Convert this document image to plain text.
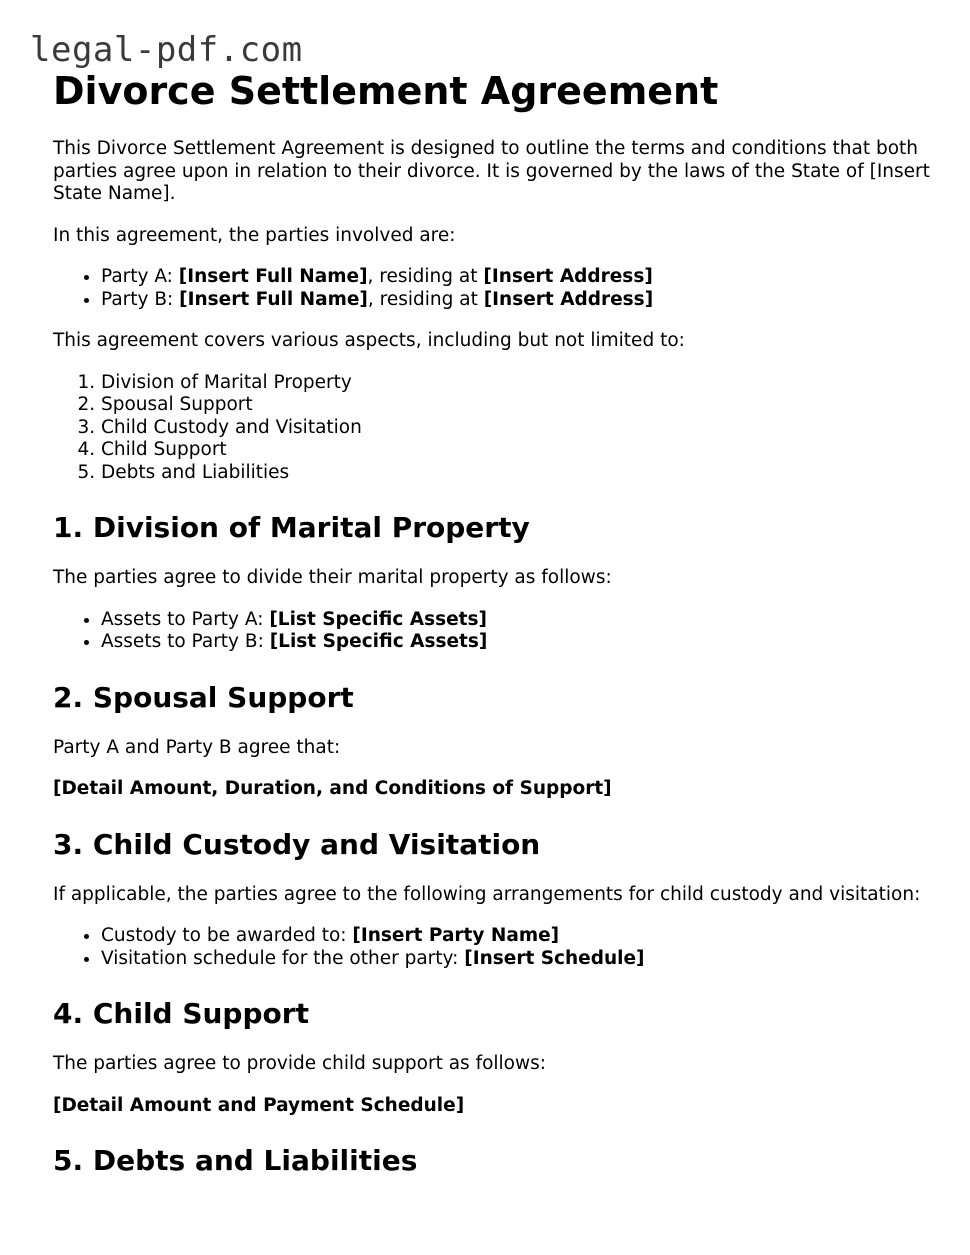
legal-pdf.com
Divorce Settlement Agreement

This Divorce Settlement Agreement is designed to outline the terms and conditions that both parties agree upon in relation to their divorce. It is governed by the laws of the State of [Insert State Name].

In this agreement, the parties involved are:

• Party A: [Insert Full Name], residing at [Insert Address]
• Party B: [Insert Full Name], residing at [Insert Address]

This agreement covers various aspects, including but not limited to:

1. Division of Marital Property
2. Spousal Support
3. Child Custody and Visitation
4. Child Support
5. Debts and Liabilities
1. Division of Marital Property

The parties agree to divide their marital property as follows:

• Assets to Party A: [List Specific Assets]
• Assets to Party B: [List Specific Assets]
2. Spousal Support

Party A and Party B agree that:

[Detail Amount, Duration, and Conditions of Support]

3. Child Custody and Visitation

If applicable, the parties agree to the following arrangements for child custody and visitation:

• Custody to be awarded to: [Insert Party Name]
• Visitation schedule for the other party: [Insert Schedule]
4. Child Support

The parties agree to provide child support as follows:

[Detail Amount and Payment Schedule]

5. Debts and Liabilities
